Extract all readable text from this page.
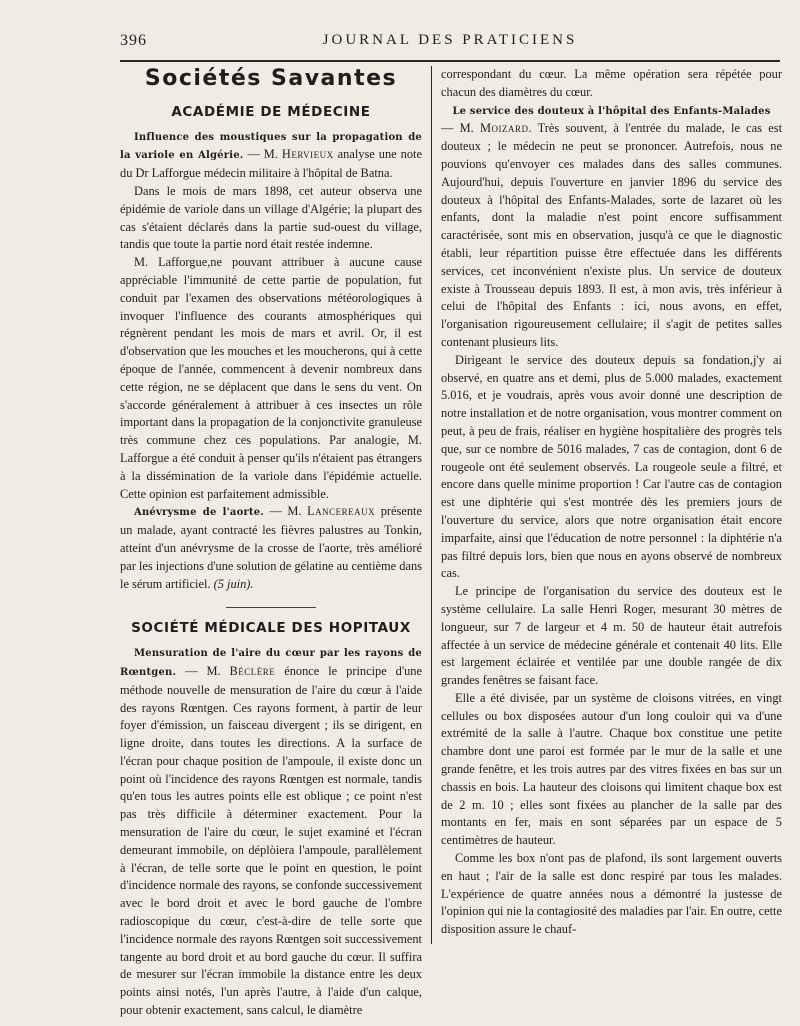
396	JOURNAL DES PRATICIENS
Sociétés Savantes
ACADÉMIE DE MÉDECINE

Influence des moustiques sur la propagation de la variole en Algérie. — M. Hervieux analyse une note du Dr Lafforgue médecin militaire à l'hôpital de Batna.

Dans le mois de mars 1898, cet auteur observa une épidémie de variole dans un village d'Algérie; la plupart des cas s'étaient déclarés dans la partie sud-ouest du village, tandis que toute la partie nord était restée indemne.

M. Lafforgue,ne pouvant attribuer à aucune cause appréciable l'immunité de cette partie de population, fut conduit par l'examen des observations météorologiques à invoquer l'influence des courants atmosphériques qui régnèrent pendant les mois de mars et avril. Or, il est d'observation que les mouches et les moucherons, qui à cette époque de l'année, commencent à devenir nombreux dans cette région, ne se déplacent que dans le sens du vent. On s'accorde généralement à attribuer à ces insectes un rôle important dans la propagation de la conjonctivite granuleuse très commune chez ces populations. Par analogie, M. Lafforgue a été conduit à penser qu'ils n'étaient pas étrangers à la dissémination de la variole dans l'épidémie actuelle. Cette opinion est parfaitement admissible.

Anévrysme de l'aorte. — M. Lancereaux présente un malade, ayant contracté les fièvres palustres au Tonkin, atteint d'un anévrysme de la crosse de l'aorte, très amélioré par les injections d'une solution de gélatine au centième dans le sérum artificiel. (5 juin).

SOCIÉTÉ MÉDICALE DES HOPITAUX

Mensuration de l'aire du cœur par les rayons de Rœntgen. — M. Béclère énonce le principe d'une méthode nouvelle de mensuration de l'aire du cœur à l'aide des rayons Rœntgen. Ces rayons forment, à partir de leur foyer d'émission, un faisceau divergent ; ils se dirigent, en ligne droite, dans toutes les directions. A la surface de l'écran pour chaque position de l'ampoule, il existe donc un point où l'incidence des rayons Rœntgen est normale, tandis qu'en tous les autres points elle est oblique ; ce point n'est pas très difficile à déterminer exactement. Pour la mensuration de l'aire du cœur, le sujet examiné et l'écran demeurant immobile, on déplòiera l'ampoule, parallèlement à l'écran, de telle sorte que le point en question, le point d'incidence normale des rayons, se confonde successivement avec le bord droit et avec le bord gauche de l'ombre radioscopique du cœur, c'est-à-dire de telle sorte que l'incidence normale des rayons Rœntgen soit successivement tangente au bord droit et au bord gauche du cœur. Il suffira de mesurer sur l'écran immobile la distance entre les deux points ainsi notés, l'un après l'autre, à l'aide d'un calque, pour obtenir exactement, sans calcul, le diamètre

correspondant du cœur. La même opération sera répétée pour chacun des diamètres du cœur.

Le service des douteux à l'hôpital des Enfants-Malades

— M. Moizard. Très souvent, à l'entrée du malade, le cas est douteux ; le médecin ne peut se prononcer. Autrefois, nous ne pouvions qu'envoyer ces malades dans des salles communes. Aujourd'hui, depuis l'ouverture en janvier 1896 du service des douteux à l'hôpital des Enfants-Malades, sorte de lazaret où les enfants, dont la maladie n'est point encore suffisamment caractérisée, sont mis en observation, jusqu'à ce que le diagnostic établi, leur répartition puisse être effectuée dans les différents services, cet inconvénient n'existe plus. Un service de douteux existe à Trousseau depuis 1893. Il est, à mon avis, très inférieur à celui de l'hôpital des Enfants : ici, nous avons, en effet, l'organisation rigoureusement cellulaire; il s'agit de petites salles contenant plusieurs lits.

Dirigeant le service des douteux depuis sa fondation,j'y ai observé, en quatre ans et demi, plus de 5.000 malades, exactement 5.016, et je voudrais, après vous avoir donné une description de notre installation et de notre organisation, vous montrer comment on peut, à peu de frais, réaliser en hygiène hospitalière des progrès tels que, sur ce nombre de 5016 malades, 7 cas de contagion, dont 6 de rougeole ont été seulement observés. La rougeole seule a filtré, et encore dans quelle minime proportion ! Car l'autre cas de contagion est une diphtérie qui s'est montrée dès les premiers jours de l'ouverture du service, alors que notre organisation était encore imparfaite, ainsi que l'éducation de notre personnel : la diphtérie n'a pas filtré depuis lors, bien que nous en ayons observé de nombreux cas.

Le principe de l'organisation du service des douteux est le système cellulaire. La salle Henri Roger, mesurant 30 mètres de longueur, sur 7 de largeur et 4 m. 50 de hauteur était autrefois affectée à un service de médecine générale et contenait 40 lits. Elle est largement éclairée et ventilée par une double rangée de dix grandes fenêtres se faisant face.

Elle a été divisée, par un système de cloisons vitrées, en vingt cellules ou box disposées autour d'un long couloir qui va d'une extrémité de la salle à l'autre. Chaque box constitue une petite chambre dont une paroi est formée par le mur de la salle et une grande fenêtre, et les trois autres par des vitres fixées en bas sur un chassis en bois. La hauteur des cloisons qui limitent chaque box est de 2 m. 10 ; elles sont fixées au plancher de la salle par des montants en fer, mais en sont séparées par un espace de 5 centimètres de hauteur.

Comme les box n'ont pas de plafond, ils sont largement ouverts en haut ; l'air de la salle est donc respiré par tous les malades. L'expérience de quatre années nous a démontré la justesse de l'opinion qui nie la contagiosité des maladies par l'air. En outre, cette disposition assure le chauf-
